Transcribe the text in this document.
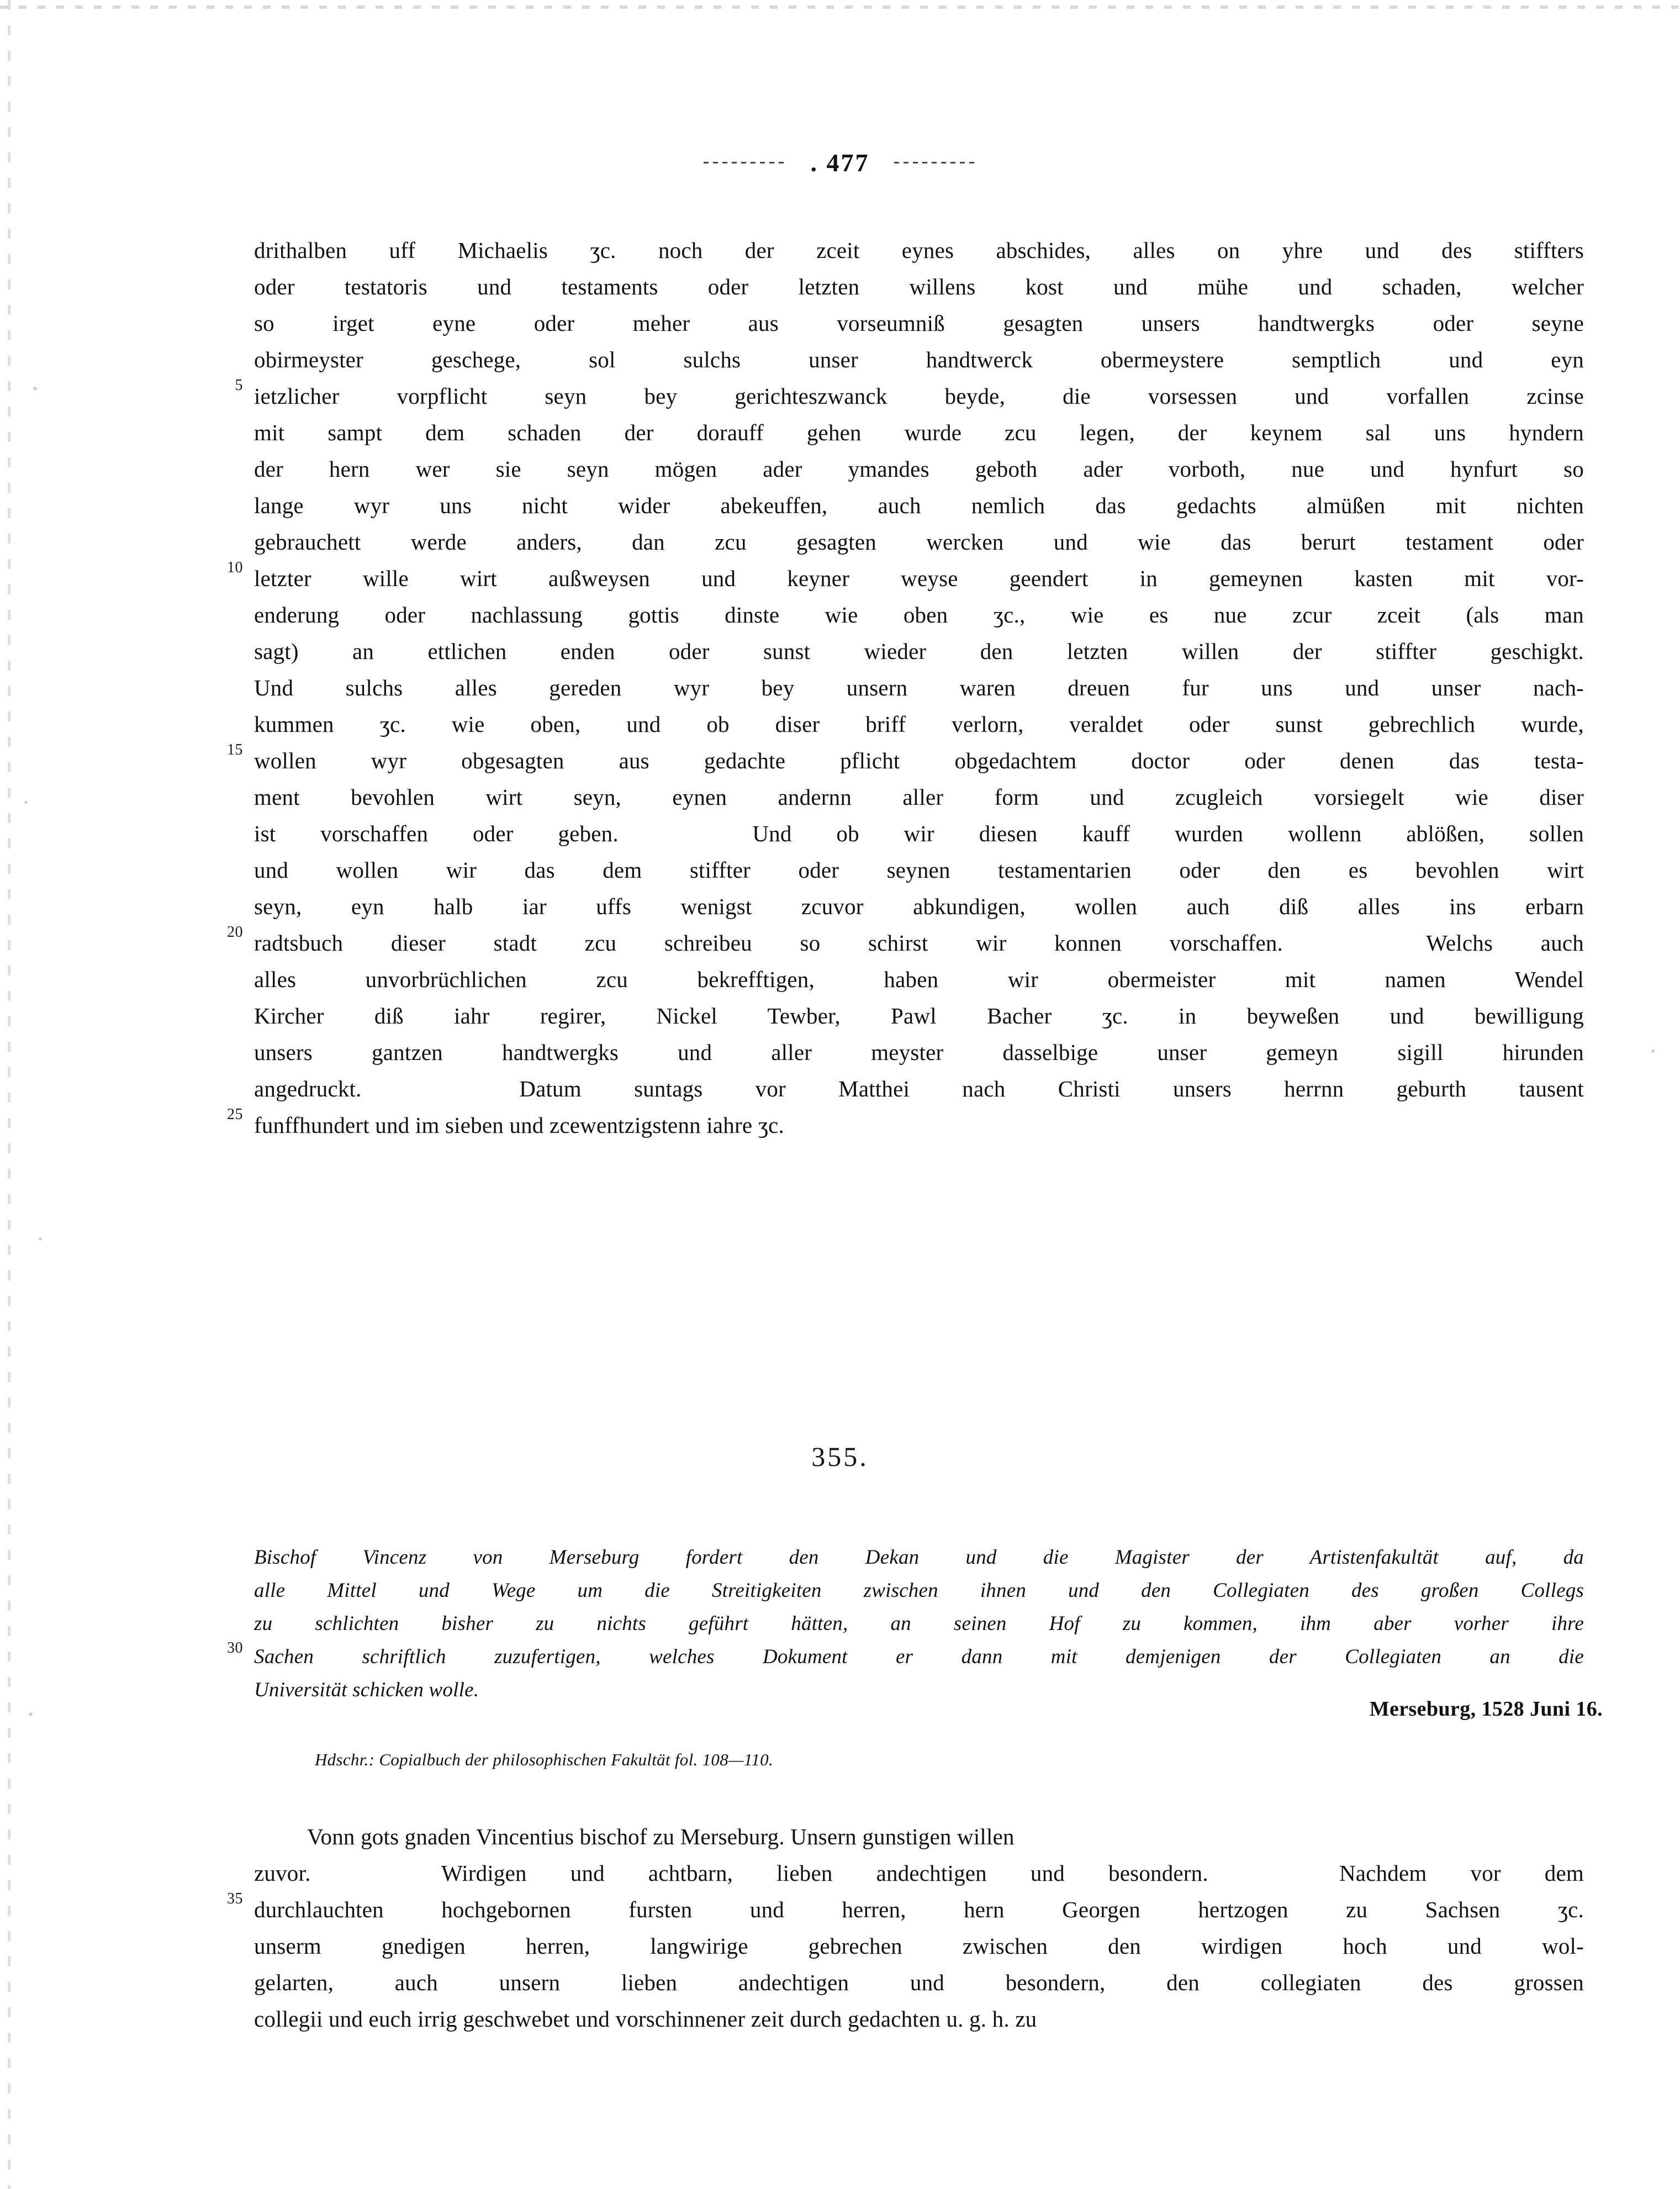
. 477
drithalben uff Michaelis ʒc. noch der zceit eynes abschides, alles on yhre und des stiffters
oder testatoris und testaments oder letzten willens kost und mühe und schaden, welcher
so irget eyne oder meher aus vorseumniß gesagten unsers handtwergks oder seyne
obirmeyster geschege, sol sulchs unser handtwerck obermeystere semptlich und eyn
5 ietzlicher vorpflicht seyn bey gerichteszwanck beyde, die vorsessen und vorfallen zcinse
mit sampt dem schaden der dorauff gehen wurde zcu legen, der keynem sal uns hyndern
der hern wer sie seyn mögen ader ymandes geboth ader vorboth, nue und hynfurt so
lange wyr uns nicht wider abekeuffen, auch nemlich das gedachts almüßen mit nichten
gebrauchett werde anders, dan zcu gesagten wercken und wie das berurt testament oder
10 letzter wille wirt außweysen und keyner weyse geendert in gemeynen kasten mit vor-
enderung oder nachlassung gottis dinste wie oben ʒc., wie es nue zcur zceit (als man
sagt) an ettlichen enden oder sunst wieder den letzten willen der stiffter geschigkt.
Und sulchs alles gereden wyr bey unsern waren dreuen fur uns und unser nach-
kummen ʒc. wie oben, und ob diser briff verlorn, veraldet oder sunst gebrechlich wurde,
15 wollen wyr obgesagten aus gedachte pflicht obgedachtem doctor oder denen das testa-
ment bevohlen wirt seyn, eynen andernn aller form und zcugleich vorsiegelt wie diser
ist vorschaffen oder geben.   Und ob wir diesen kauff wurden wollenn ablößen, sollen
und wollen wir das dem stiffter oder seynen testamentarien oder den es bevohlen wirt
seyn, eyn halb iar uffs wenigst zcuvor abkundigen, wollen auch diß alles ins erbarn
20 radtsbuch dieser stadt zcu schreibeu so schirst wir konnen vorschaffen.   Welchs auch
alles unvorbrüchlichen zcu bekrefftigen, haben wir obermeister mit namen Wendel
Kircher diß iahr regirer, Nickel Tewber, Pawl Bacher ʒc. in beyweßen und bewilligung
unsers gantzen handtwergks und aller meyster dasselbige unser gemeyn sigill hirunden
angedruckt.   Datum suntags vor Matthei nach Christi unsers herrnn geburth tausent
25 funffhundert und im sieben und zcewentzigstenn iahre ʒc.
355.
Bischof Vincenz von Merseburg fordert den Dekan und die Magister der Artistenfakultät auf, da
alle Mittel und Wege um die Streitigkeiten zwischen ihnen und den Collegiaten des großen Collegs
zu schlichten bisher zu nichts geführt hätten, an seinen Hof zu kommen, ihm aber vorher ihre
30 Sachen schriftlich zuzufertigen, welches Dokument er dann mit demjenigen der Collegiaten an die
Universität schicken wolle.
Merseburg, 1528 Juni 16.
Hdschr.: Copialbuch der philosophischen Fakultät fol. 108—110.
Vonn gots gnaden Vincentius bischof zu Merseburg. Unsern gunstigen willen
zuvor.   Wirdigen und achtbarn, lieben andechtigen und besondern.   Nachdem vor dem
35 durchlauchten hochgebornen fursten und herren, hern Georgen hertzogen zu Sachsen ʒc.
unserm gnedigen herren, langwirige gebrechen zwischen den wirdigen hoch und wol-
gelarten, auch unsern lieben andechtigen und besondern, den collegiaten des grossen
collegii und euch irrig geschwebet und vorschinnener zeit durch gedachten u. g. h. zu
